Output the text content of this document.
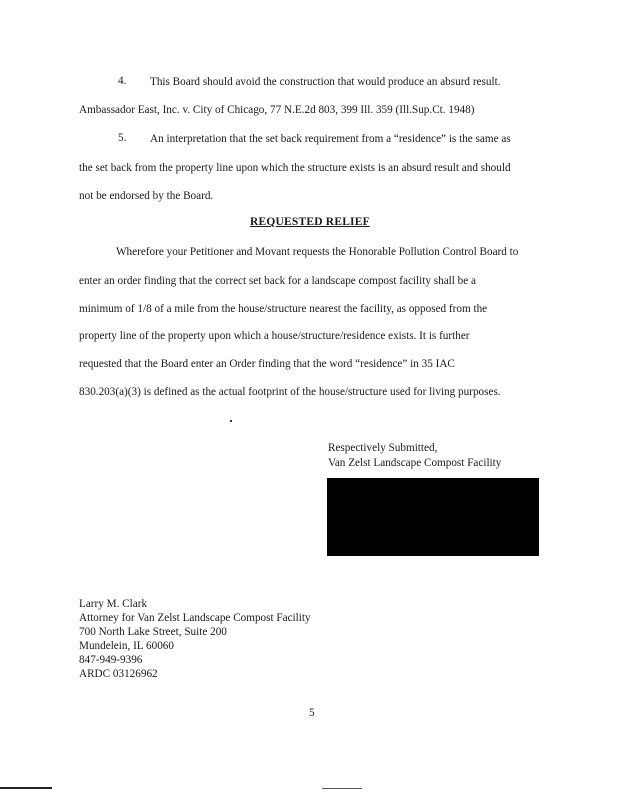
4. This Board should avoid the construction that would produce an absurd result.
Ambassador East, Inc. v. City of Chicago, 77 N.E.2d 803, 399 Ill. 359 (Ill.Sup.Ct. 1948)
5. An interpretation that the set back requirement from a “residence” is the same as
the set back from the property line upon which the structure exists is an absurd result and should
not be endorsed by the Board.
REQUESTED RELIEF
Wherefore your Petitioner and Movant requests the Honorable Pollution Control Board to
enter an order finding that the correct set back for a landscape compost facility shall be a
minimum of 1/8 of a mile from the house/structure nearest the facility, as opposed from the
property line of the property upon which a house/structure/residence exists. It is further
requested that the Board enter an Order finding that the word “residence” in 35 IAC
830.203(a)(3) is defined as the actual footprint of the house/structure used for living purposes.
Respectively Submitted,
Van Zelst Landscape Compost Facility
Larry M. Clark
Attorney for Van Zelst Landscape Compost Facility
700 North Lake Street, Suite 200
Mundelein, IL 60060
847-949-9396
ARDC 03126962
5
